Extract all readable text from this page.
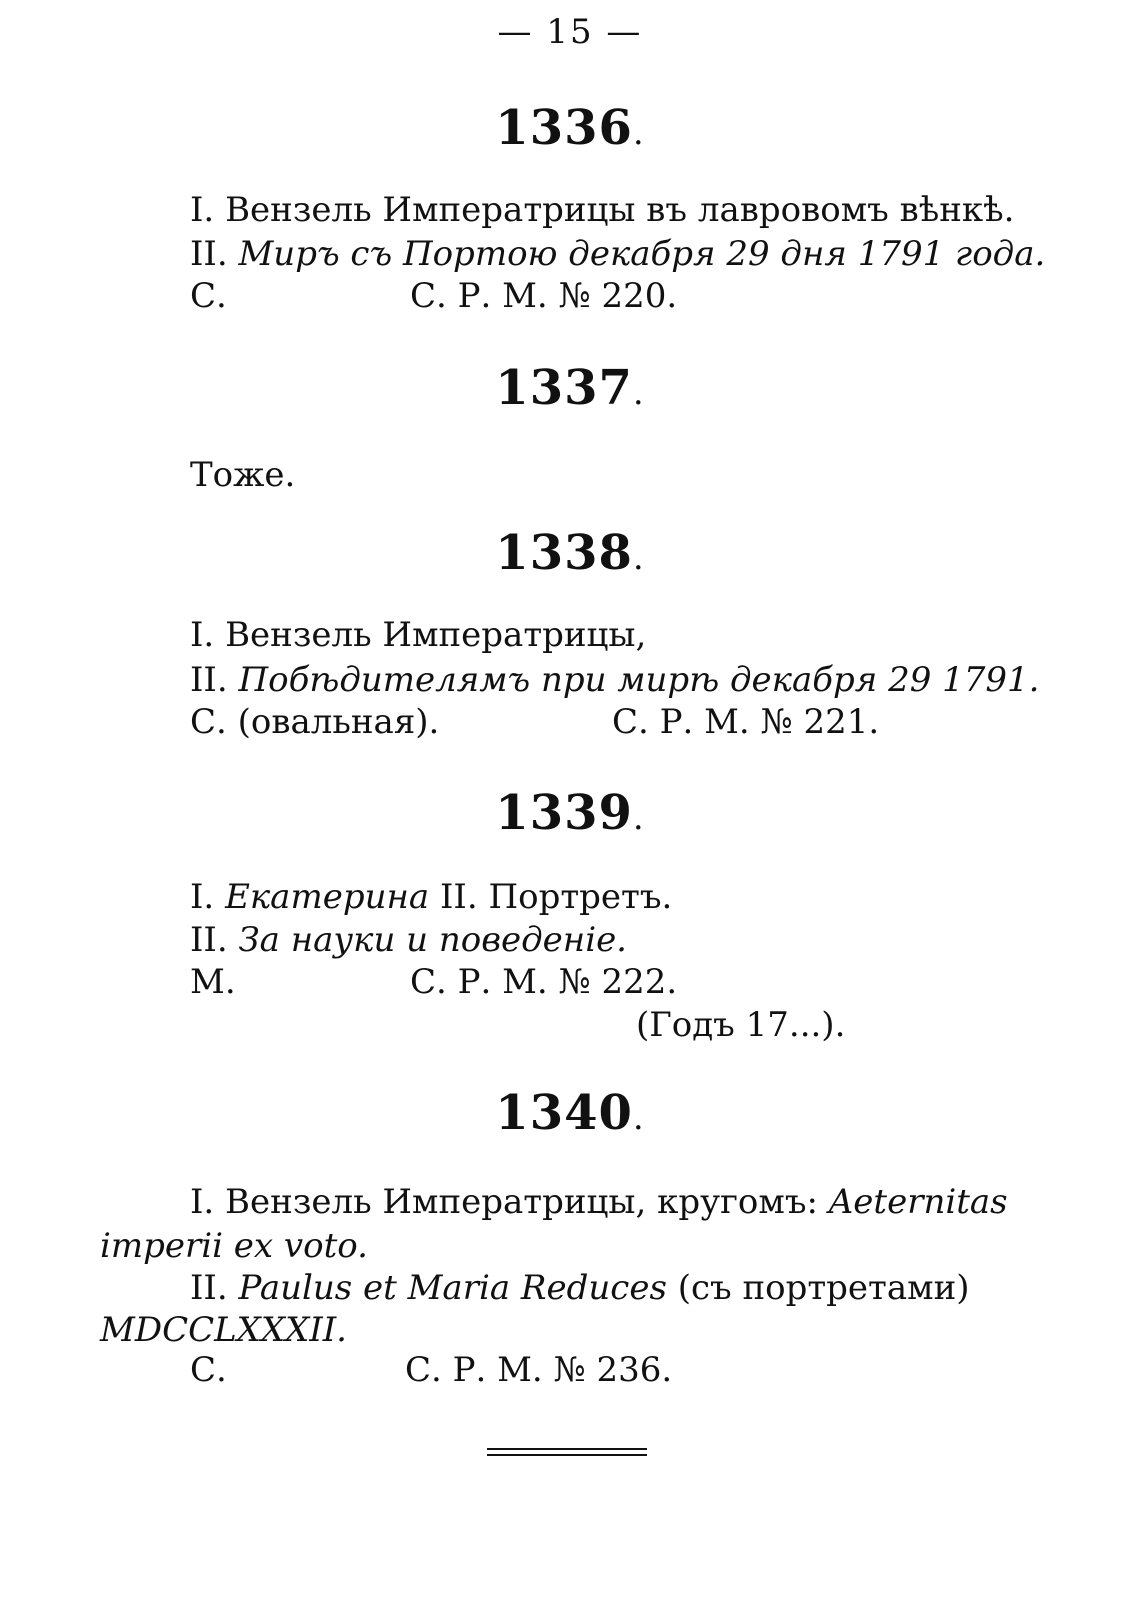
— 15 —
1336.
I. Вензель Императрицы въ лавровомъ вѣнкѣ.
II. Миръ съ Портою декабря 29 дня 1791 года.
С.	С. Р. М. № 220.
1337.
Тоже.
1338.
I. Вензель Императрицы,
II. Побѣдителямъ при мирѣ декабря 29 1791.
С. (овальная).	С. Р. М. № 221.
1339.
I. Екатерина II. Портретъ.
II. За науки и поведеніе.
М.	С. Р. М. № 222.
(Годъ 17...).
1340.
I. Вензель Императрицы, кругомъ: Aeternitas
imperii ex voto.
II. Paulus et Maria Reduces (съ портретами)
MDCCLXXXII.
С.	С. Р. М. № 236.
